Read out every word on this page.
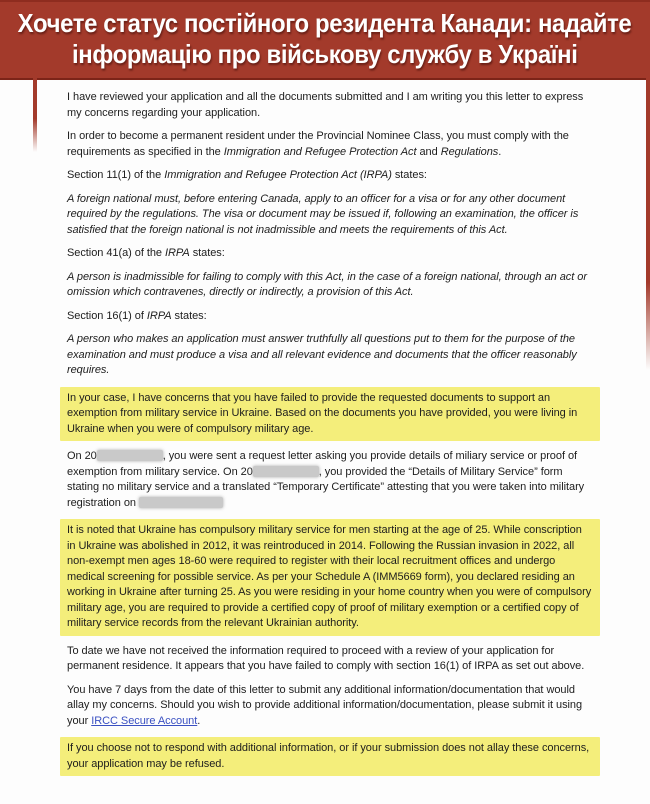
Хочете статус постійного резидента Канади: надайте
інформацію про військову службу в Україні

I have reviewed your application and all the documents submitted and I am writing you this letter to express my concerns regarding your application.

In order to become a permanent resident under the Provincial Nominee Class, you must comply with the requirements as specified in the Immigration and Refugee Protection Act and Regulations.

Section 11(1) of the Immigration and Refugee Protection Act (IRPA) states:

A foreign national must, before entering Canada, apply to an officer for a visa or for any other document required by the regulations. The visa or document may be issued if, following an examination, the officer is satisfied that the foreign national is not inadmissible and meets the requirements of this Act.

Section 41(a) of the IRPA states:

A person is inadmissible for failing to comply with this Act, in the case of a foreign national, through an act or omission which contravenes, directly or indirectly, a provision of this Act.

Section 16(1) of IRPA states:

A person who makes an application must answer truthfully all questions put to them for the purpose of the examination and must produce a visa and all relevant evidence and documents that the officer reasonably requires.

In your case, I have concerns that you have failed to provide the requested documents to support an exemption from military service in Ukraine. Based on the documents you have provided, you were living in Ukraine when you were of compulsory military age.

On 20	, you were sent a request letter asking you provide details of miliary service or proof of exemption from military service. On 20	, you provided the “Details of Military Service” form stating no military service and a translated “Temporary Certificate” attesting that you were taken into military registration on

It is noted that Ukraine has compulsory military service for men starting at the age of 25. While conscription in Ukraine was abolished in 2012, it was reintroduced in 2014. Following the Russian invasion in 2022, all non-exempt men ages 18-60 were required to register with their local recruitment offices and undergo medical screening for possible service. As per your Schedule A (IMM5669 form), you declared residing an working in Ukraine after turning 25. As you were residing in your home country when you were of compulsory military age, you are required to provide a certified copy of proof of military exemption or a certified copy of military service records from the relevant Ukrainian authority.

To date we have not received the information required to proceed with a review of your application for permanent residence. It appears that you have failed to comply with section 16(1) of IRPA as set out above.

You have 7 days from the date of this letter to submit any additional information/documentation that would allay my concerns. Should you wish to provide additional information/documentation, please submit it using your IRCC Secure Account.

If you choose not to respond with additional information, or if your submission does not allay these concerns, your application may be refused.
